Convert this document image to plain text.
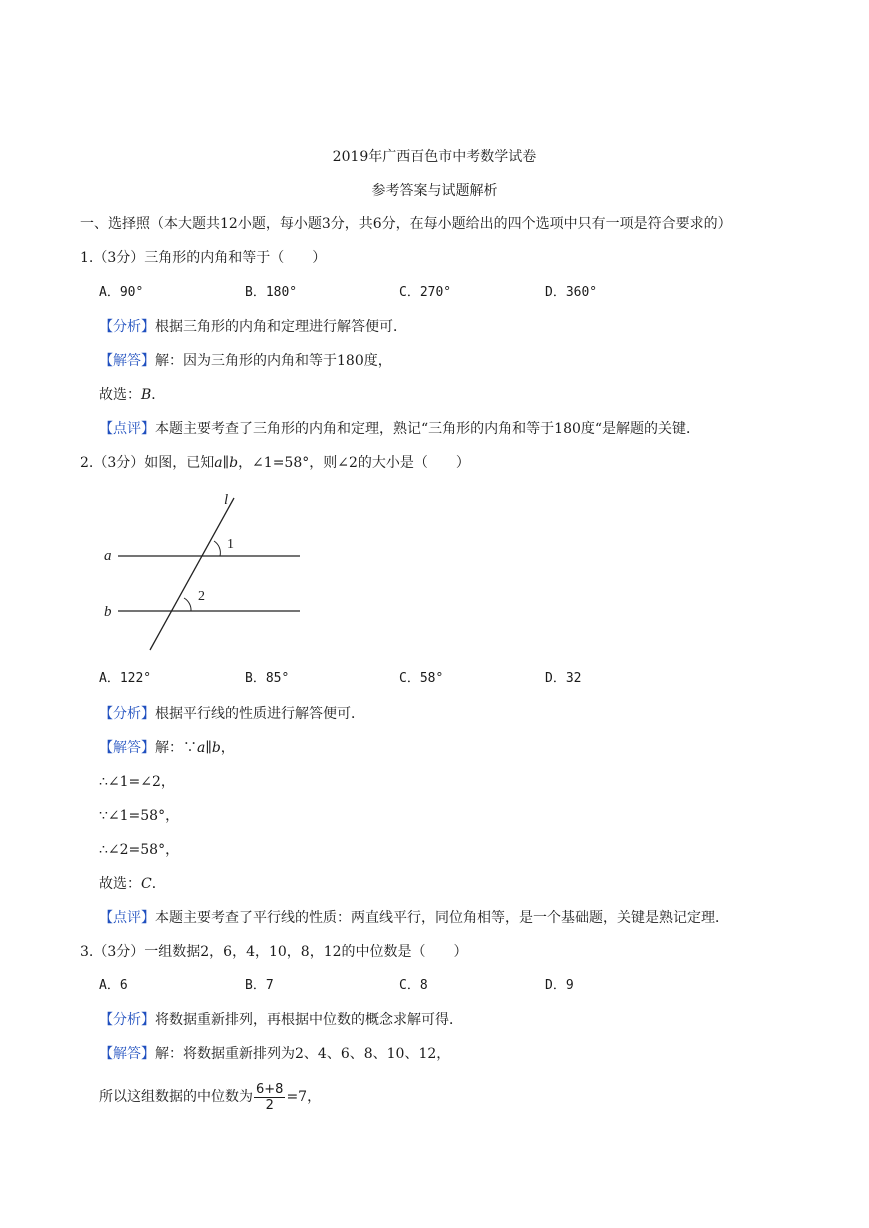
2019年广西百色市中考数学试卷
参考答案与试题解析
一、选择照（本大题共12小题，每小题3分，共6分，在每小题给出的四个选项中只有一项是符合要求的）
1.（3分）三角形的内角和等于（　　）
A．90°	B．180°	C．270°	D．360°
【分析】根据三角形的内角和定理进行解答便可．
【解答】解：因为三角形的内角和等于180度，
故选：B．
【点评】本题主要考查了三角形的内角和定理，熟记“三角形的内角和等于180度“是解题的关键．
2.（3分）如图，已知a∥b，∠1=58°，则∠2的大小是（　　）
l
a
b
1
2
A．122°	B．85°	C．58°	D．32
【分析】根据平行线的性质进行解答便可．
【解答】解：∵a∥b，
∴∠1=∠2，
∵∠1=58°，
∴∠2=58°，
故选：C．
【点评】本题主要考查了平行线的性质：两直线平行，同位角相等，是一个基础题，关键是熟记定理．
3.（3分）一组数据2，6，4，10，8，12的中位数是（　　）
A．6	B．7	C．8	D．9
【分析】将数据重新排列，再根据中位数的概念求解可得．
【解答】解：将数据重新排列为2、4、6、8、10、12，
所以这组数据的中位数为 $\frac{6+8}{2} =7$，
